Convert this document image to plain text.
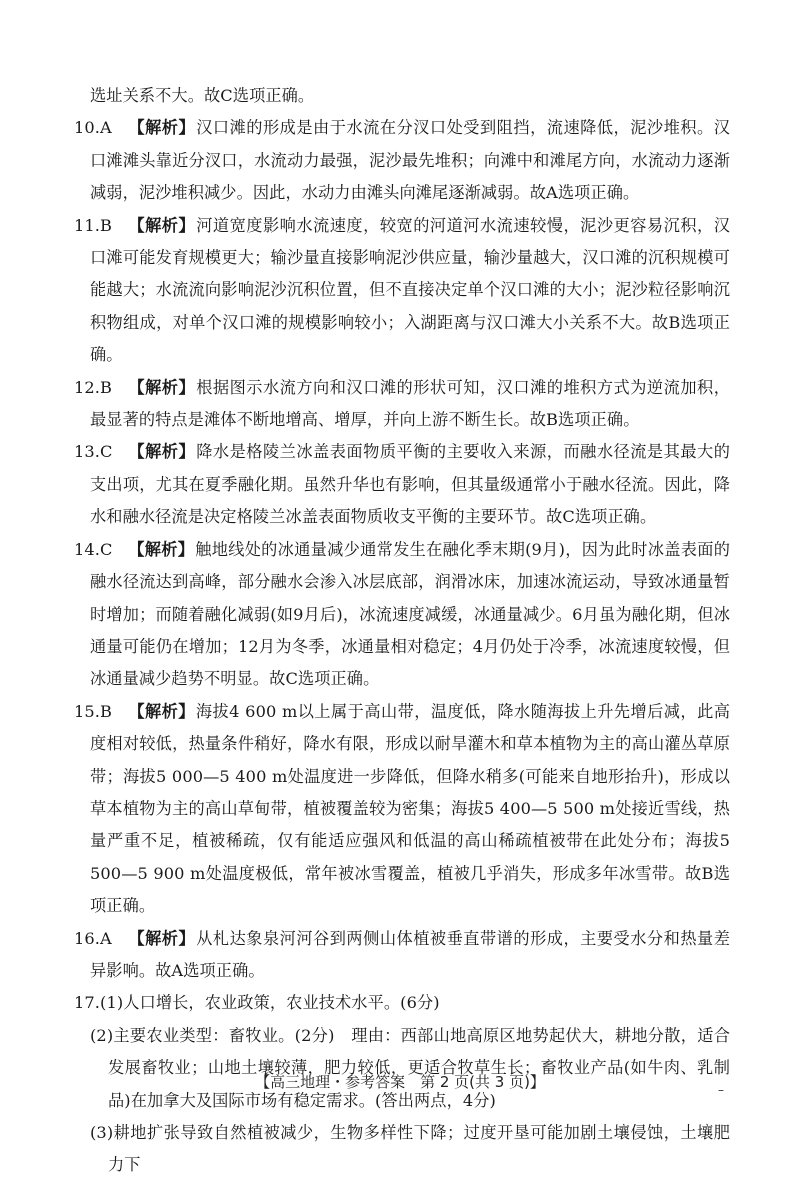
选址关系不大。故C选项正确。

10.A 【解析】汉口滩的形成是由于水流在分汊口处受到阻挡，流速降低，泥沙堆积。汉口滩滩头靠近分汊口，水流动力最强，泥沙最先堆积；向滩中和滩尾方向，水流动力逐渐减弱，泥沙堆积减少。因此，水动力由滩头向滩尾逐渐减弱。故A选项正确。

11.B 【解析】河道宽度影响水流速度，较宽的河道河水流速较慢，泥沙更容易沉积，汉口滩可能发育规模更大；输沙量直接影响泥沙供应量，输沙量越大，汉口滩的沉积规模可能越大；水流流向影响泥沙沉积位置，但不直接决定单个汉口滩的大小；泥沙粒径影响沉积物组成，对单个汉口滩的规模影响较小；入湖距离与汉口滩大小关系不大。故B选项正确。

12.B 【解析】根据图示水流方向和汉口滩的形状可知，汉口滩的堆积方式为逆流加积，最显著的特点是滩体不断地增高、增厚，并向上游不断生长。故B选项正确。

13.C 【解析】降水是格陵兰冰盖表面物质平衡的主要收入来源，而融水径流是其最大的支出项，尤其在夏季融化期。虽然升华也有影响，但其量级通常小于融水径流。因此，降水和融水径流是决定格陵兰冰盖表面物质收支平衡的主要环节。故C选项正确。

14.C 【解析】触地线处的冰通量减少通常发生在融化季末期(9月)，因为此时冰盖表面的融水径流达到高峰，部分融水会渗入冰层底部，润滑冰床，加速冰流运动，导致冰通量暂时增加；而随着融化减弱(如9月后)，冰流速度减缓，冰通量减少。6月虽为融化期，但冰通量可能仍在增加；12月为冬季，冰通量相对稳定；4月仍处于冷季，冰流速度较慢，但冰通量减少趋势不明显。故C选项正确。

15.B 【解析】海拔4 600 m以上属于高山带，温度低，降水随海拔上升先增后减，此高度相对较低，热量条件稍好，降水有限，形成以耐旱灌木和草本植物为主的高山灌丛草原带；海拔5 000—5 400 m处温度进一步降低，但降水稍多(可能来自地形抬升)，形成以草本植物为主的高山草甸带，植被覆盖较为密集；海拔5 400—5 500 m处接近雪线，热量严重不足，植被稀疏，仅有能适应强风和低温的高山稀疏植被带在此处分布；海拔5 500—5 900 m处温度极低，常年被冰雪覆盖，植被几乎消失，形成多年冰雪带。故B选项正确。

16.A 【解析】从札达象泉河河谷到两侧山体植被垂直带谱的形成，主要受水分和热量差异影响。故A选项正确。

17.(1)人口增长，农业政策，农业技术水平。(6分)

(2)主要农业类型：畜牧业。(2分)　理由：西部山地高原区地势起伏大，耕地分散，适合发展畜牧业；山地土壤较薄，肥力较低，更适合牧草生长；畜牧业产品(如牛肉、乳制品)在加拿大及国际市场有稳定需求。(答出两点，4分)

(3)耕地扩张导致自然植被减少，生物多样性下降；过度开垦可能加剧土壤侵蚀，土壤肥力下

【高三地理・参考答案　第 2 页(共 3 页)】	–
